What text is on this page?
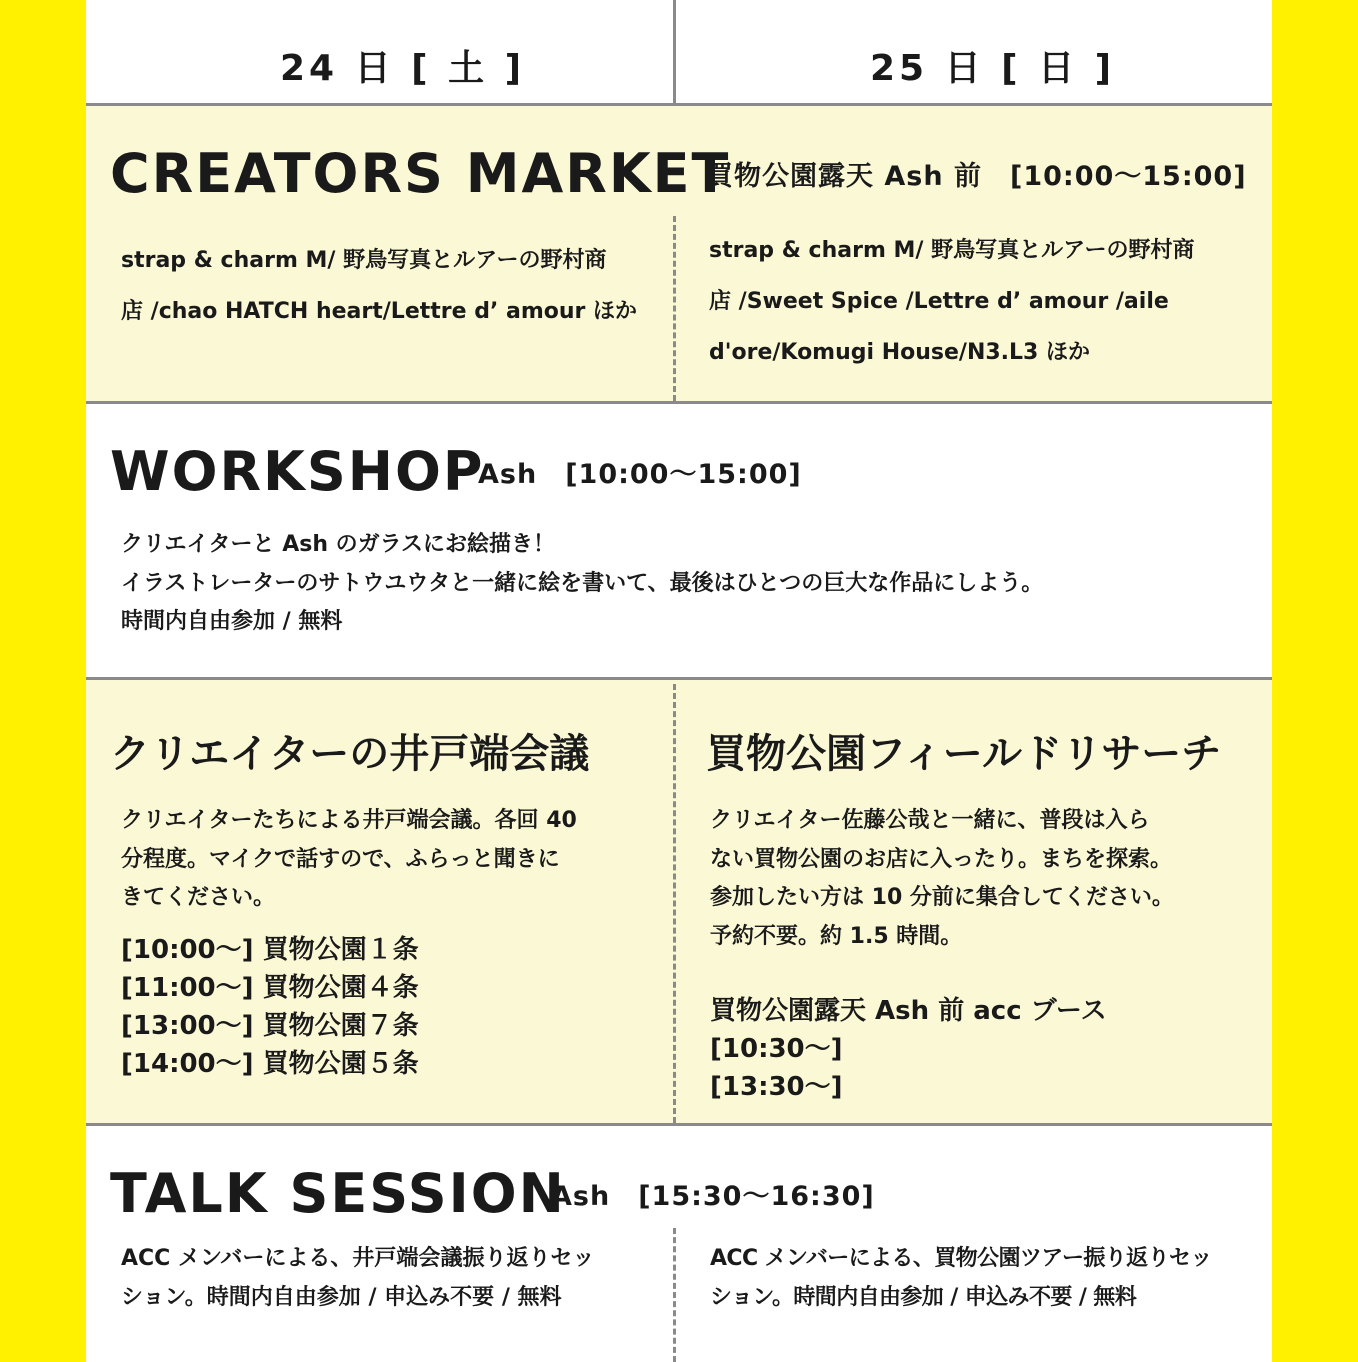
24 日 [ 土 ]	25 日 [ 日 ]
CREATORS MARKET
買物公園露天 Ash 前　[10:00〜15:00]
strap & charm M/ 野鳥写真とルアーの野村商
店 /chao HATCH heart/Lettre d’ amour ほか
strap & charm M/ 野鳥写真とルアーの野村商
店 /Sweet Spice /Lettre d’ amour /aile
d'ore/Komugi House/N3.L3 ほか
WORKSHOP
Ash　[10:00〜15:00]
クリエイターと Ash のガラスにお絵描き！
イラストレーターのサトウユウタと一緒に絵を書いて、最後はひとつの巨大な作品にしよう。
時間内自由参加 / 無料
クリエイターの井戸端会議
クリエイターたちによる井戸端会議。各回 40
分程度。マイクで話すので、ふらっと聞きに
きてください。
[10:00〜] 買物公園１条
[11:00〜] 買物公園４条
[13:00〜] 買物公園７条
[14:00〜] 買物公園５条
買物公園フィールドリサーチ
クリエイター佐藤公哉と一緒に、普段は入ら
ない買物公園のお店に入ったり。まちを探索。
参加したい方は 10 分前に集合してください。
予約不要。約 1.5 時間。
買物公園露天 Ash 前 acc ブース
[10:30〜]
[13:30〜]
TALK SESSION
Ash　[15:30〜16:30]
ACC メンバーによる、井戸端会議振り返りセッ
ション。時間内自由参加 / 申込み不要 / 無料
ACC メンバーによる、買物公園ツアー振り返りセッ
ション。時間内自由参加 / 申込み不要 / 無料
